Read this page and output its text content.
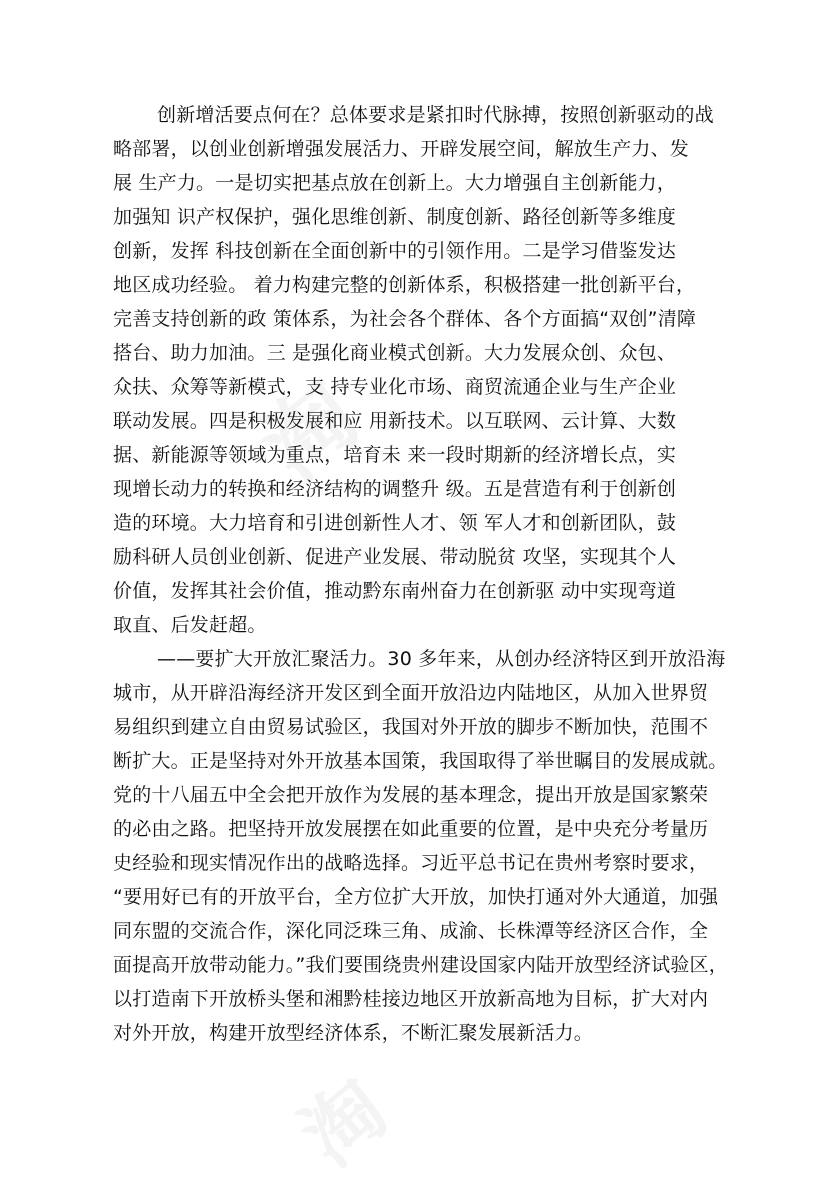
创新增活要点何在？总体要求是紧扣时代脉搏，按照创新驱动的战
略部署，以创业创新增强发展活力、开辟发展空间，解放生产力、发
展 生产力。一是切实把基点放在创新上。大力增强自主创新能力，
加强知 识产权保护，强化思维创新、制度创新、路径创新等多维度
创新，发挥 科技创新在全面创新中的引领作用。二是学习借鉴发达
地区成功经验。 着力构建完整的创新体系，积极搭建一批创新平台，
完善支持创新的政 策体系，为社会各个群体、各个方面搞“双创”清障
搭台、助力加油。三 是强化商业模式创新。大力发展众创、众包、
众扶、众筹等新模式，支 持专业化市场、商贸流通企业与生产企业
联动发展。四是积极发展和应 用新技术。以互联网、云计算、大数
据、新能源等领域为重点，培育未 来一段时期新的经济增长点，实
现增长动力的转换和经济结构的调整升 级。五是营造有利于创新创
造的环境。大力培育和引进创新性人才、领 军人才和创新团队，鼓
励科研人员创业创新、促进产业发展、带动脱贫 攻坚，实现其个人
价值，发挥其社会价值，推动黔东南州奋力在创新驱 动中实现弯道
取直、后发赶超。
——要扩大开放汇聚活力。30 多年来，从创办经济特区到开放沿海
城市，从开辟沿海经济开发区到全面开放沿边内陆地区，从加入世界贸
易组织到建立自由贸易试验区，我国对外开放的脚步不断加快，范围不
断扩大。正是坚持对外开放基本国策，我国取得了举世瞩目的发展成就。
党的十八届五中全会把开放作为发展的基本理念，提出开放是国家繁荣
的必由之路。把坚持开放发展摆在如此重要的位置，是中央充分考量历
史经验和现实情况作出的战略选择。习近平总书记在贵州考察时要求，
“要用好已有的开放平台，全方位扩大开放，加快打通对外大通道，加强
同东盟的交流合作，深化同泛珠三角、成渝、长株潭等经济区合作，全
面提高开放带动能力。”我们要围绕贵州建设国家内陆开放型经济试验区，
以打造南下开放桥头堡和湘黔桂接边地区开放新高地为目标，扩大对内
对外开放，构建开放型经济体系，不断汇聚发展新活力。
